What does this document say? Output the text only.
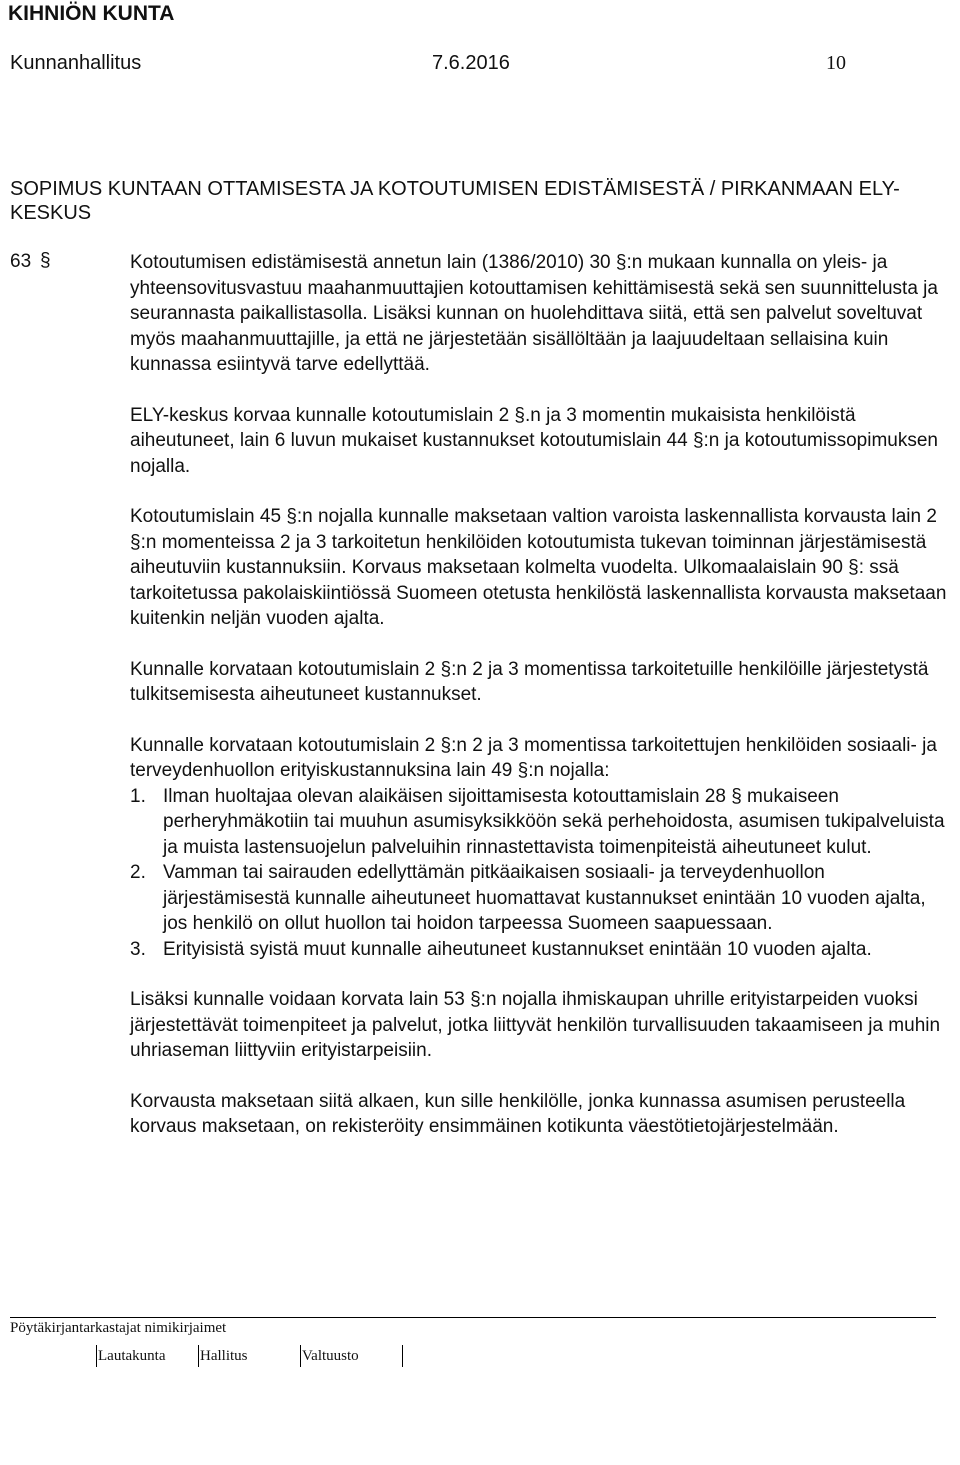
KIHNIÖN KUNTA
Kunnanhallitus	7.6.2016	10
SOPIMUS KUNTAAN OTTAMISESTA JA KOTOUTUMISEN EDISTÄMISESTÄ / PIRKANMAAN ELY-KESKUS
63 §	Kotoutumisen edistämisestä annetun lain (1386/2010) 30 §:n mukaan kunnalla on yleis- ja yhteensovitusvastuu maahanmuuttajien kotouttamisen kehittämisestä sekä sen suunnittelusta ja seurannasta paikallistasolla. Lisäksi kunnan on huolehdittava siitä, että sen palvelut soveltuvat myös maahanmuuttajille, ja että ne järjestetään sisällöltään ja laajuudeltaan sellaisina kuin kunnassa esiintyvä tarve edellyttää.

ELY-keskus korvaa kunnalle kotoutumislain 2 §.n ja 3 momentin mukaisista henkilöistä aiheutuneet, lain 6 luvun mukaiset kustannukset kotoutumislain 44 §:n ja kotoutumissopimuksen nojalla.

Kotoutumislain 45 §:n nojalla kunnalle maksetaan valtion varoista laskennallista korvausta lain 2 §:n momenteissa 2 ja 3 tarkoitetun henkilöiden kotoutumista tukevan toiminnan järjestämisestä aiheutuviin kustannuksiin. Korvaus maksetaan kolmelta vuodelta. Ulkomaalaislain 90 §: ssä tarkoitetussa pakolaiskiintiössä Suomeen otetusta henkilöstä laskennallista korvausta maksetaan kuitenkin neljän vuoden ajalta.

Kunnalle korvataan kotoutumislain 2 §:n 2 ja 3 momentissa tarkoitetuille henkilöille järjestetystä tulkitsemisesta aiheutuneet kustannukset.

Kunnalle korvataan kotoutumislain 2 §:n 2 ja 3 momentissa tarkoitettujen henkilöiden sosiaali- ja terveydenhuollon erityiskustannuksina lain 49 §:n nojalla:

1. Ilman huoltajaa olevan alaikäisen sijoittamisesta kotouttamislain 28 § mukaiseen perheryhmäkotiin tai muuhun asumisyksikköön sekä perhehoidosta, asumisen tukipalveluista ja muista lastensuojelun palveluihin rinnastettavista toimenpiteistä aiheutuneet kulut.
2. Vamman tai sairauden edellyttämän pitkäaikaisen sosiaali- ja terveydenhuollon järjestämisestä kunnalle aiheutuneet huomattavat kustannukset enintään 10 vuoden ajalta, jos henkilö on ollut huollon tai hoidon tarpeessa Suomeen saapuessaan.
3. Erityisistä syistä muut kunnalle aiheutuneet kustannukset enintään 10 vuoden ajalta.

Lisäksi kunnalle voidaan korvata lain 53 §:n nojalla ihmiskaupan uhrille erityistarpeiden vuoksi järjestettävät toimenpiteet ja palvelut, jotka liittyvät henkilön turvallisuuden takaamiseen ja muhin uhriaseman liittyviin erityistarpeisiin.

Korvausta maksetaan siitä alkaen, kun sille henkilölle, jonka kunnassa asumisen perusteella korvaus maksetaan, on rekisteröity ensimmäinen kotikunta väestötietojärjestelmään.

Pöytäkirjantarkastajat nimikirjaimet
Lautakunta Hallitus	Valtuusto
